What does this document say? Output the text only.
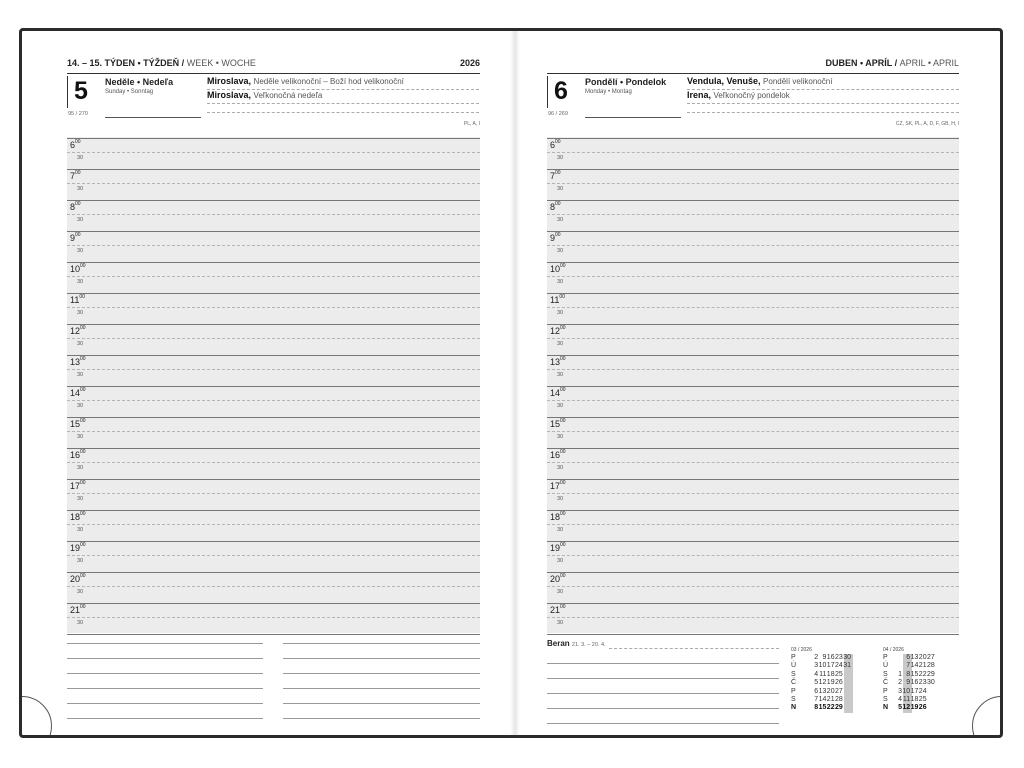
14. – 15. TÝDEN • TÝŽDEŇ / WEEK • WOCHE	2026
5 Neděle • Nedeľa
Sunday • Sonntag
95 / 270
Miroslava, Neděle velikonoční – Boží hod velikonoční
Miroslava, Veľkonočná nedeľa
PL, A, I
$6^{00}$
30
$7^{00}$
30
$8^{00}$
30
$9^{00}$
30
$10^{00}$
30
$11^{00}$
30
$12^{00}$
30
$13^{00}$
30
$14^{00}$
30
$15^{00}$
30
$16^{00}$
30
$17^{00}$
30
$18^{00}$
30
$19^{00}$
30
$20^{00}$
30
$21^{00}$
30
DUBEN • APRÍL / APRIL • APRIL
6 Pondělí • Pondelok
Monday • Montag
96 / 269
Vendula, Venuše, Pondělí velikonoční
Irena, Veľkonočný pondelok
CZ, SK, PL, A, D, F, GB, H, I
$6^{00}$
30
$7^{00}$
30
$8^{00}$
30
$9^{00}$
30
$10^{00}$
30
$11^{00}$
30
$12^{00}$
30
$13^{00}$
30
$14^{00}$
30
$15^{00}$
30
$16^{00}$
30
$17^{00}$
30
$18^{00}$
30
$19^{00}$
30
$20^{00}$
30
$21^{00}$
30
Beran 21. 3. – 20. 4.
03 / 2026
P
Ú
S
Č
P
S
N
2
3
4
5
6
7
8
9
10
11
12
13
14
15
16
17
18
19
20
21
22
23
24
25
26
27
28
29
30
31
04 / 2026
P
Ú
S
Č
P
S
N
1
2
3
4
5
6
7
8
9
10
11
12
13
14
15
16
17
18
19
20
21
22
23
24
25
26
27
28
29
30
